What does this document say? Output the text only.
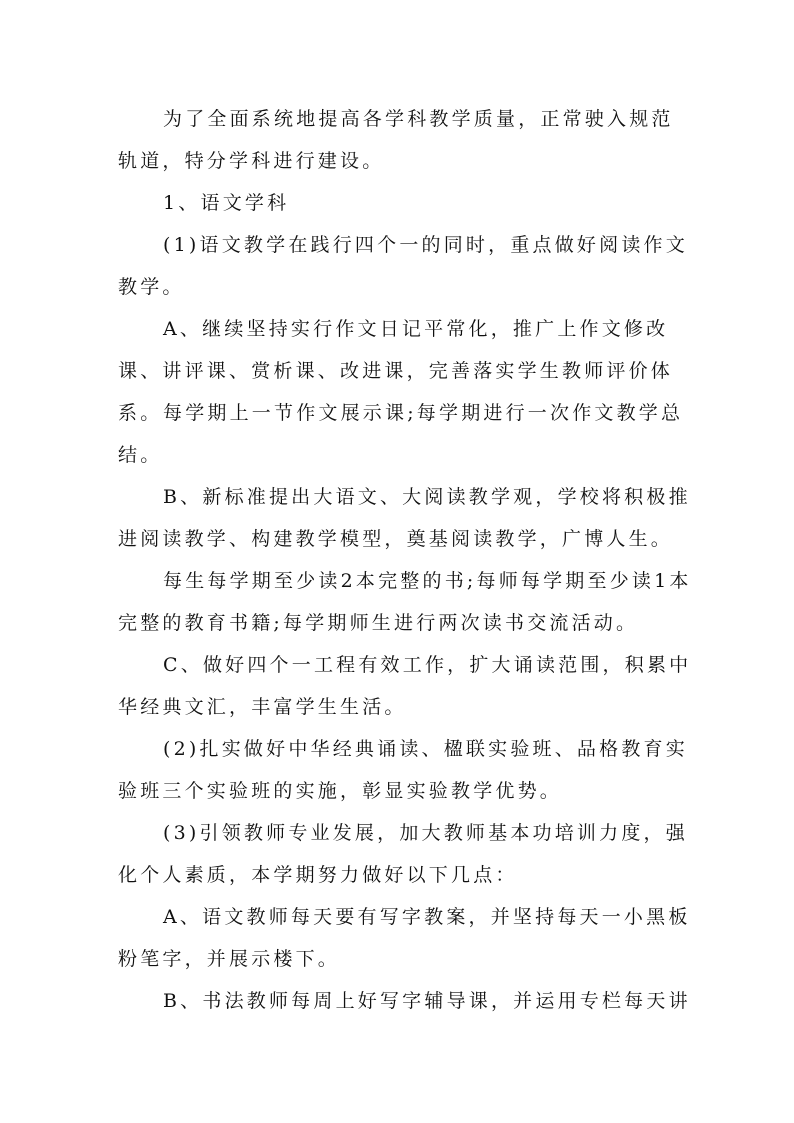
为了全面系统地提高各学科教学质量，正常驶入规范轨道，特分学科进行建设。

1、语文学科

(1)语文教学在践行四个一的同时，重点做好阅读作文教学。

A、继续坚持实行作文日记平常化，推广上作文修改课、讲评课、赏析课、改进课，完善落实学生教师评价体系。 每学期上一节作文展示课;每学期进行一次作文教学总结。

B、新标准提出大语文、大阅读教学观，学校将积极推进阅读教学、构建教学模型，奠基阅读教学，广博人生。

每生每学期至少读2本完整的书;每师每学期至少读1本完整的教育书籍;每学期师生进行两次读书交流活动。

C、做好四个一工程有效工作，扩大诵读范围，积累中华经典文汇，丰富学生生活。

(2)扎实做好中华经典诵读、楹联实验班、品格教育实验班三个实验班的实施，彰显实验教学优势。

(3)引领教师专业发展，加大教师基本功培训力度，强化个人素质，本学期努力做好以下几点：

A、语文教师每天要有写字教案，并坚持每天一小黑板粉笔字，并展示楼下。

B、书法教师每周上好写字辅导课，并运用专栏每天讲
